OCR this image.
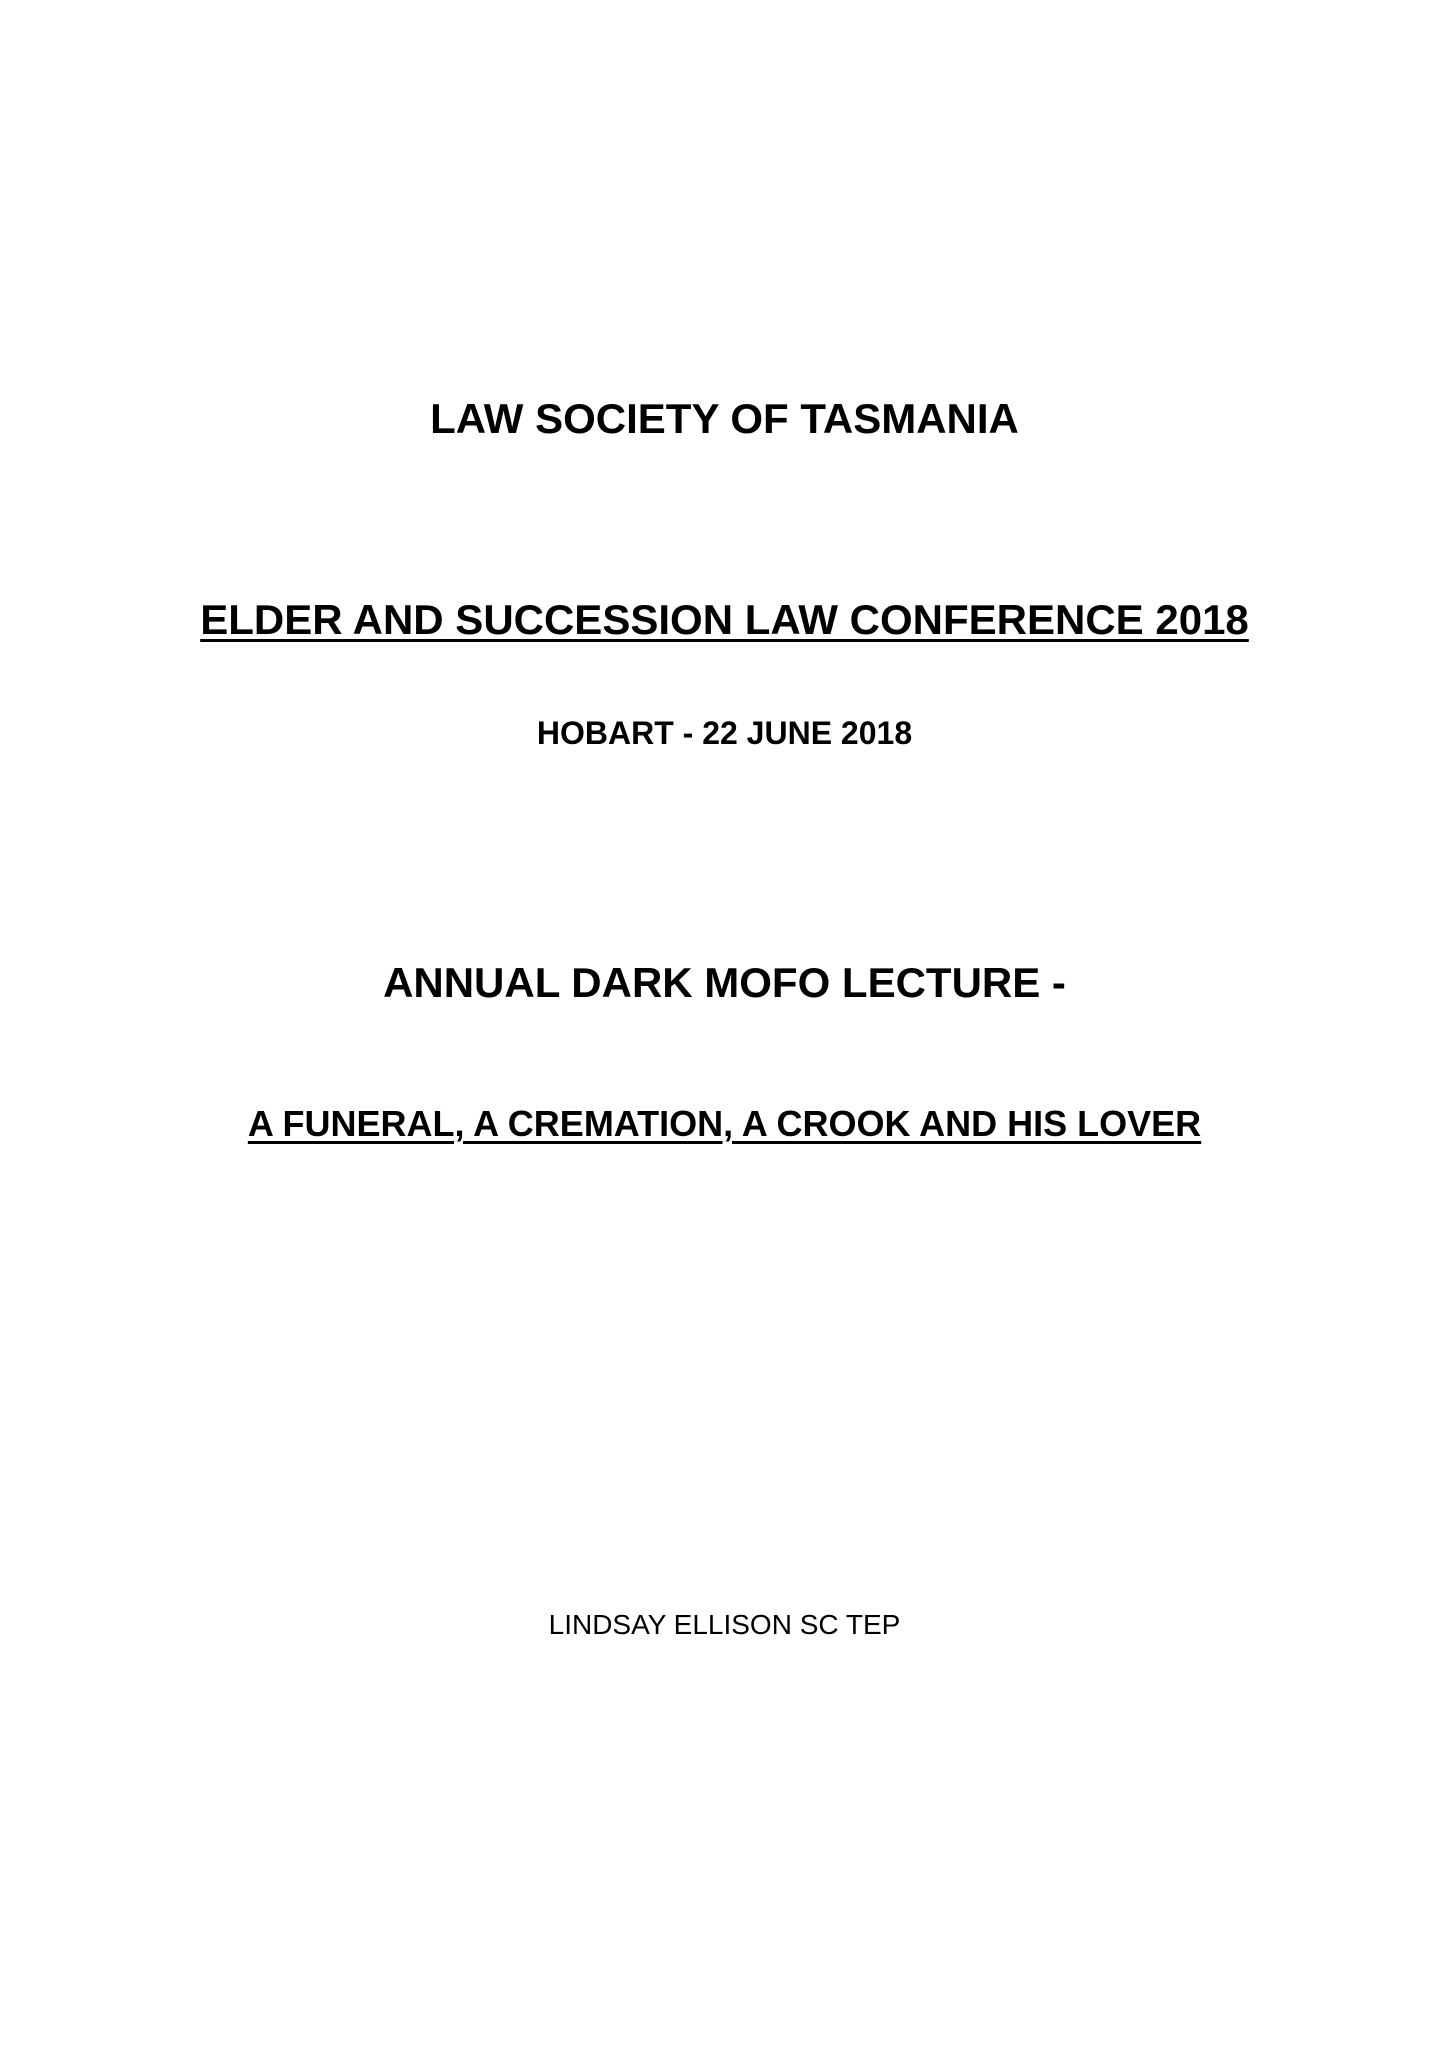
LAW SOCIETY OF TASMANIA
ELDER AND SUCCESSION LAW CONFERENCE 2018
HOBART - 22 JUNE 2018
ANNUAL DARK MOFO LECTURE -
A FUNERAL, A CREMATION, A CROOK AND HIS LOVER
LINDSAY ELLISON SC TEP
